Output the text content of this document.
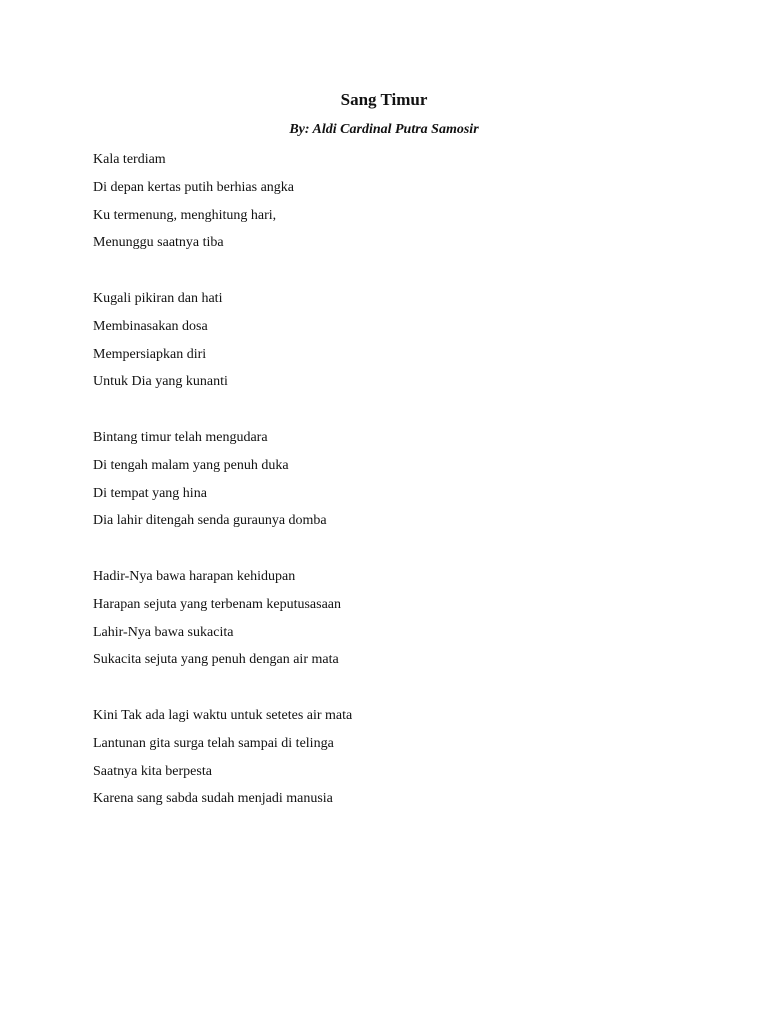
Sang Timur
By: Aldi Cardinal Putra Samosir
Kala terdiam
Di depan kertas putih berhias angka
Ku termenung, menghitung hari,
Menunggu saatnya tiba
Kugali pikiran dan hati
Membinasakan dosa
Mempersiapkan diri
Untuk Dia yang kunanti
Bintang timur telah mengudara
Di tengah malam yang penuh duka
Di tempat yang hina
Dia lahir ditengah senda guraunya domba
Hadir-Nya bawa harapan kehidupan
Harapan sejuta yang terbenam keputusasaan
Lahir-Nya bawa sukacita
Sukacita sejuta yang penuh dengan air mata
Kini Tak ada lagi waktu untuk setetes air mata
Lantunan gita surga telah sampai di telinga
Saatnya kita berpesta
Karena sang sabda sudah menjadi manusia
